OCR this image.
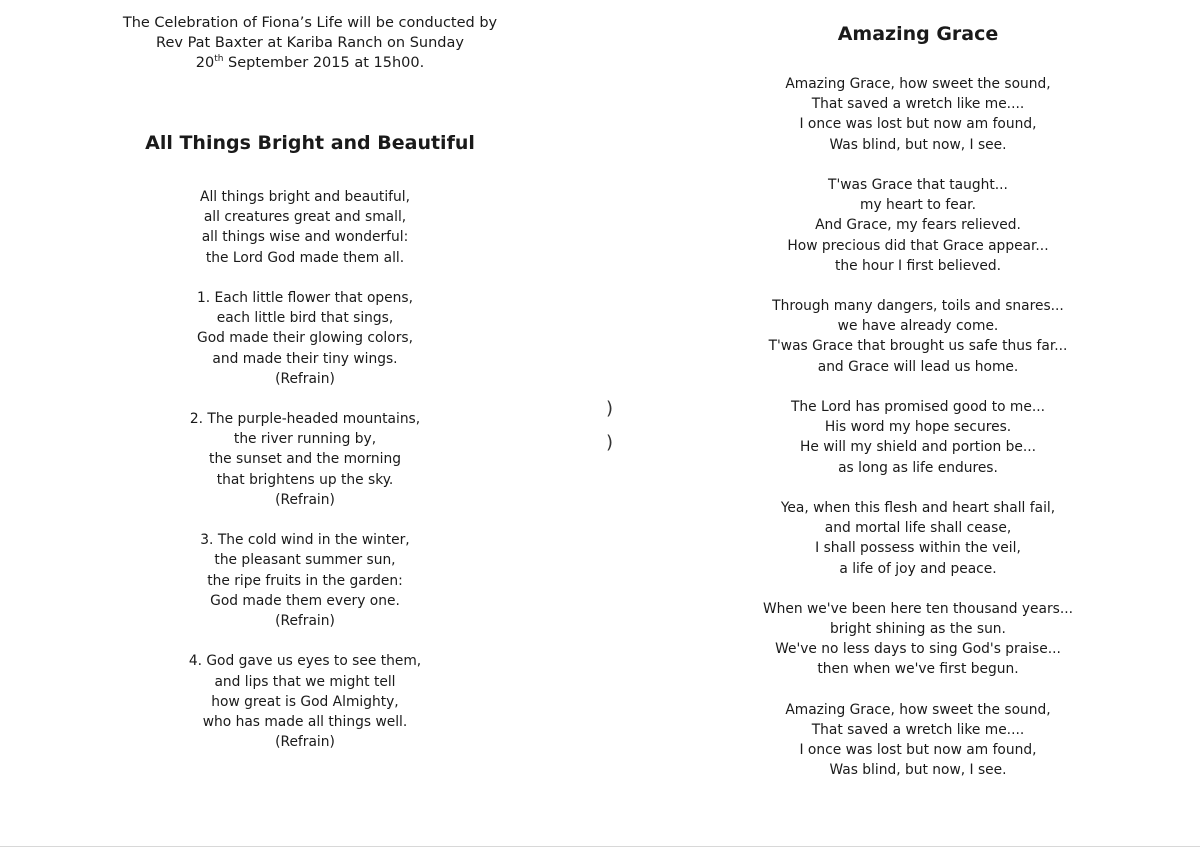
The Celebration of Fiona’s Life will be conducted by
Rev Pat Baxter at Kariba Ranch on Sunday
20th September 2015 at 15h00.
All Things Bright and Beautiful
All things bright and beautiful,
all creatures great and small,
all things wise and wonderful:
the Lord God made them all.
1. Each little flower that opens,
each little bird that sings,
God made their glowing colors,
and made their tiny wings.
(Refrain)
2. The purple-headed mountains,
the river running by,
the sunset and the morning
that brightens up the sky.
(Refrain)
3. The cold wind in the winter,
the pleasant summer sun,
the ripe fruits in the garden:
God made them every one.
(Refrain)
4. God gave us eyes to see them,
and lips that we might tell
how great is God Almighty,
who has made all things well.
(Refrain)
)
)
Amazing Grace
Amazing Grace, how sweet the sound,
That saved a wretch like me....
I once was lost but now am found,
Was blind, but now, I see.
T'was Grace that taught...
my heart to fear.
And Grace, my fears relieved.
How precious did that Grace appear...
the hour I first believed.
Through many dangers, toils and snares...
we have already come.
T'was Grace that brought us safe thus far...
and Grace will lead us home.
The Lord has promised good to me...
His word my hope secures.
He will my shield and portion be...
as long as life endures.
Yea, when this flesh and heart shall fail,
and mortal life shall cease,
I shall possess within the veil,
a life of joy and peace.
When we've been here ten thousand years...
bright shining as the sun.
We've no less days to sing God's praise...
then when we've first begun.
Amazing Grace, how sweet the sound,
That saved a wretch like me....
I once was lost but now am found,
Was blind, but now, I see.
